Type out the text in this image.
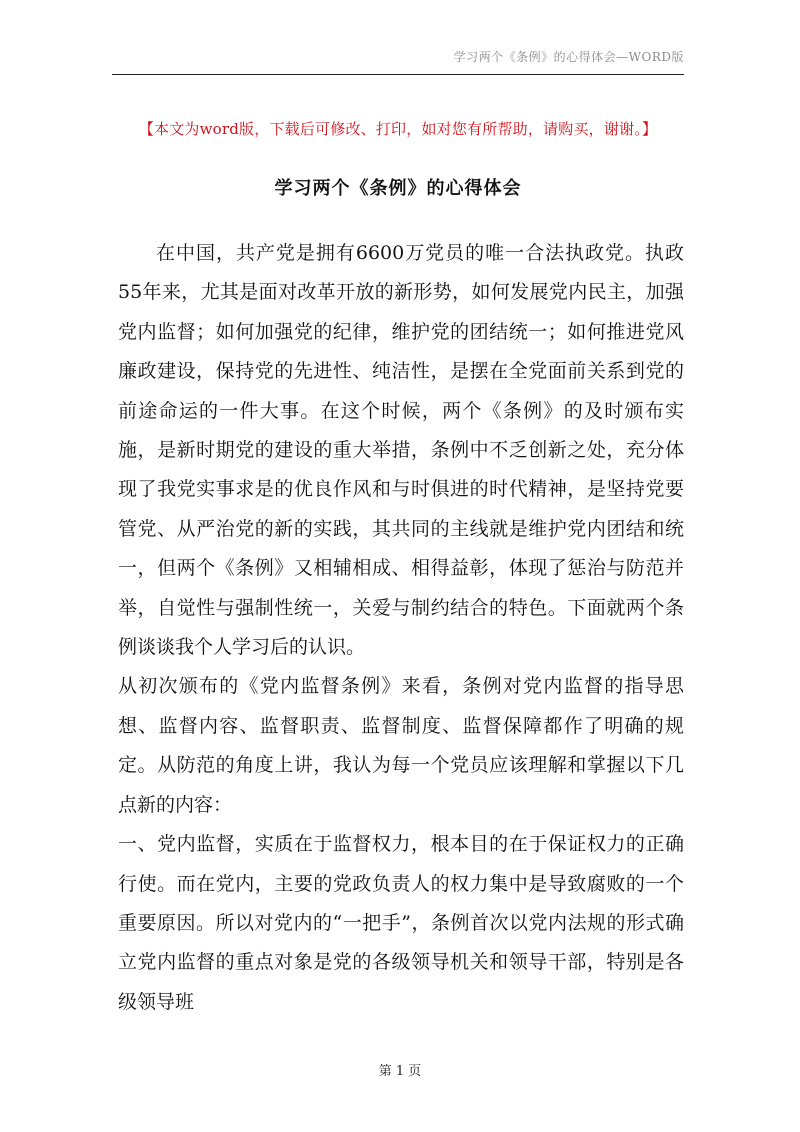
学习两个《条例》的心得体会—WORD版
【本文为word版，下载后可修改、打印，如对您有所帮助，请购买，谢谢。】
学习两个《条例》的心得体会

在中国，共产党是拥有6600万党员的唯一合法执政党。执政55年来，尤其是面对改革开放的新形势，如何发展党内民主，加强党内监督；如何加强党的纪律，维护党的团结统一；如何推进党风廉政建设，保持党的先进性、纯洁性，是摆在全党面前关系到党的前途命运的一件大事。在这个时候，两个《条例》的及时颁布实施，是新时期党的建设的重大举措，条例中不乏创新之处，充分体现了我党实事求是的优良作风和与时俱进的时代精神，是坚持党要管党、从严治党的新的实践，其共同的主线就是维护党内团结和统一，但两个《条例》又相辅相成、相得益彰，体现了惩治与防范并举，自觉性与强制性统一，关爱与制约结合的特色。下面就两个条例谈谈我个人学习后的认识。

从初次颁布的《党内监督条例》来看，条例对党内监督的指导思想、监督内容、监督职责、监督制度、监督保障都作了明确的规定。从防范的角度上讲，我认为每一个党员应该理解和掌握以下几点新的内容：

一、党内监督，实质在于监督权力，根本目的在于保证权力的正确行使。而在党内，主要的党政负责人的权力集中是导致腐败的一个重要原因。所以对党内的“一把手”，条例首次以党内法规的形式确立党内监督的重点对象是党的各级领导机关和领导干部，特别是各级领导班

第 1 页
